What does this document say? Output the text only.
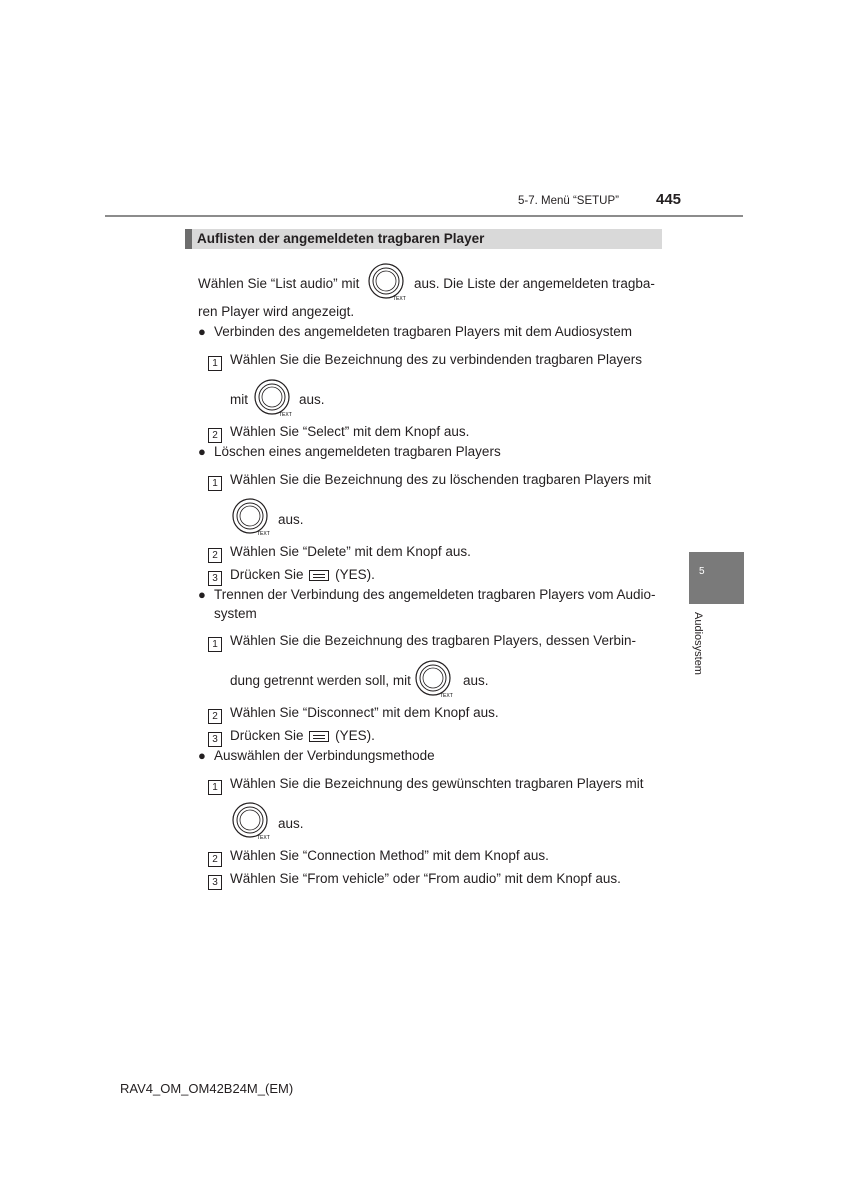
5-7. Menü “SETUP” 445
Auflisten der angemeldeten tragbaren Player
Wählen Sie “List audio” mit
TEXT
aus. Die Liste der angemeldeten tragba-
ren Player wird angezeigt.
● Verbinden des angemeldeten tragbaren Players mit dem Audiosystem
1 Wählen Sie die Bezeichnung des zu verbindenden tragbaren Players
mit
TEXT
aus.
2 Wählen Sie “Select” mit dem Knopf aus.
● Löschen eines angemeldeten tragbaren Players
1 Wählen Sie die Bezeichnung des zu löschenden tragbaren Players mit
TEXT
aus.
2 Wählen Sie “Delete” mit dem Knopf aus.
3 Drücken Sie (YES).
● Trennen der Verbindung des angemeldeten tragbaren Players vom Audio-
system
1 Wählen Sie die Bezeichnung des tragbaren Players, dessen Verbin-
dung getrennt werden soll, mit
TEXT
aus.
2 Wählen Sie “Disconnect” mit dem Knopf aus.
3 Drücken Sie (YES).
● Auswählen der Verbindungsmethode
1 Wählen Sie die Bezeichnung des gewünschten tragbaren Players mit
TEXT
aus.
2 Wählen Sie “Connection Method” mit dem Knopf aus.
3 Wählen Sie “From vehicle” oder “From audio” mit dem Knopf aus.
5
Audiosystem
RAV4_OM_OM42B24M_(EM)
